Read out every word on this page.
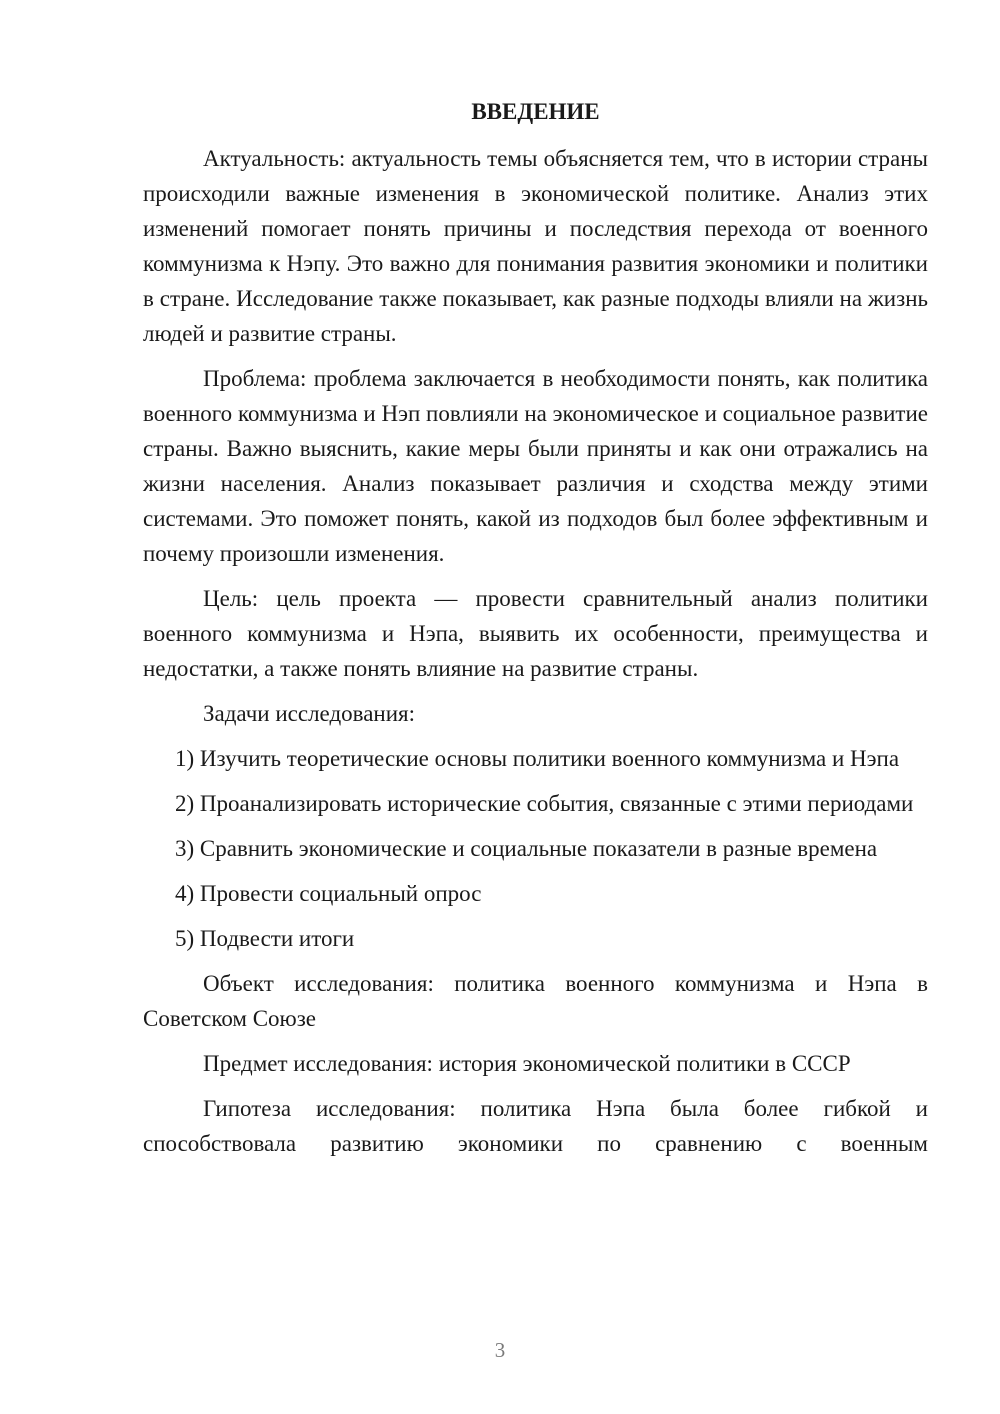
ВВЕДЕНИЕ

Актуальность: актуальность темы объясняется тем, что в истории страны происходили важные изменения в экономической политике. Анализ этих изменений помогает понять причины и последствия перехода от военного коммунизма к Нэпу. Это важно для понимания развития экономики и политики в стране. Исследование также показывает, как разные подходы влияли на жизнь людей и развитие страны.

Проблема: проблема заключается в необходимости понять, как политика военного коммунизма и Нэп повлияли на экономическое и социальное развитие страны. Важно выяснить, какие меры были приняты и как они отражались на жизни населения. Анализ показывает различия и сходства между этими системами. Это поможет понять, какой из подходов был более эффективным и почему произошли изменения.

Цель: цель проекта — провести сравнительный анализ политики военного коммунизма и Нэпа, выявить их особенности, преимущества и недостатки, а также понять влияние на развитие страны.

Задачи исследования:

1) Изучить теоретические основы политики военного коммунизма и Нэпа

2) Проанализировать исторические события, связанные с этими периодами

3) Сравнить экономические и социальные показатели в разные времена

4) Провести социальный опрос

5) Подвести итоги

Объект исследования: политика военного коммунизма и Нэпа в Советском Союзе

Предмет исследования: история экономической политики в СССР

Гипотеза исследования: политика Нэпа была более гибкой и способствовала развитию экономики по сравнению с военным

3
